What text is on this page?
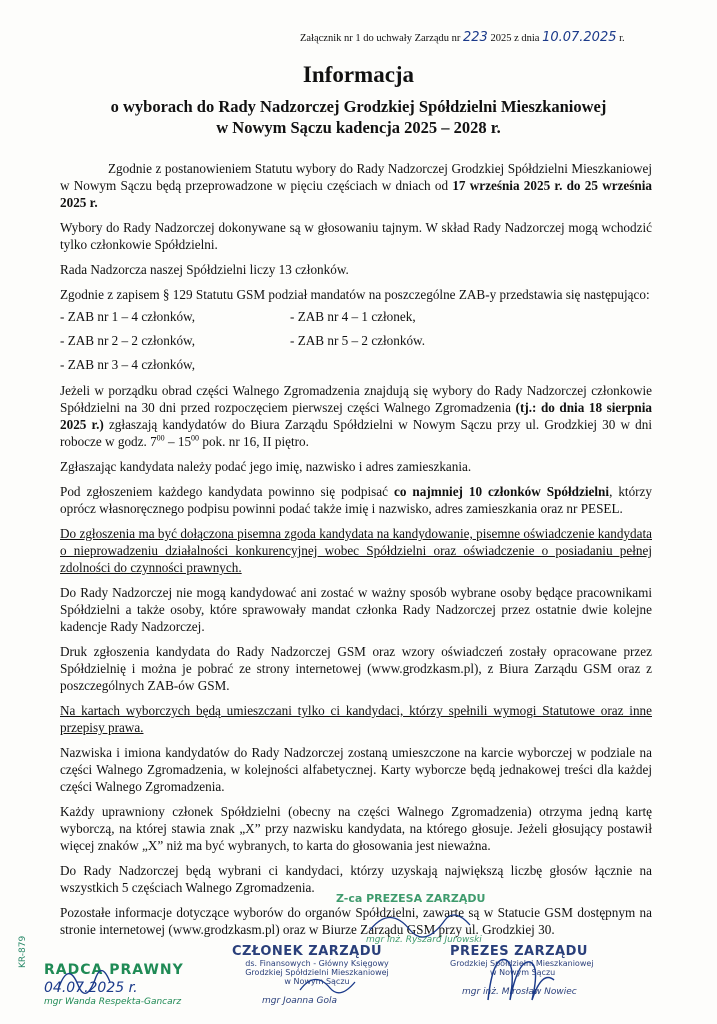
Załącznik nr 1 do uchwały Zarządu nr 223 2025 z dnia 10.07.2025 r.
Informacja
o wyborach do Rady Nadzorczej Grodzkiej Spółdzielni Mieszkaniowej
w Nowym Sączu kadencja 2025 – 2028 r.

Zgodnie z postanowieniem Statutu wybory do Rady Nadzorczej Grodzkiej Spółdzielni Mieszkaniowej w Nowym Sączu będą przeprowadzone w pięciu częściach w dniach od 17 września 2025 r. do 25 września 2025 r.

Wybory do Rady Nadzorczej dokonywane są w głosowaniu tajnym. W skład Rady Nadzorczej mogą wchodzić tylko członkowie Spółdzielni.

Rada Nadzorcza naszej Spółdzielni liczy 13 członków.

Zgodnie z zapisem § 129 Statutu GSM podział mandatów na poszczególne ZAB-y przedstawia się następująco:

- ZAB nr 1 – 4 członków,	- ZAB nr 4 – 1 członek,
- ZAB nr 2 – 2 członków,	- ZAB nr 5 – 2 członków.
- ZAB nr 3 – 4 członków,

Jeżeli w porządku obrad części Walnego Zgromadzenia znajdują się wybory do Rady Nadzorczej członkowie Spółdzielni na 30 dni przed rozpoczęciem pierwszej części Walnego Zgromadzenia (tj.: do dnia 18 sierpnia 2025 r.) zgłaszają kandydatów do Biura Zarządu Spółdzielni w Nowym Sączu przy ul. Grodzkiej 30 w dni robocze w godz. $7^{00} - 15^{00}$ pok. nr 16, II piętro.

Zgłaszając kandydata należy podać jego imię, nazwisko i adres zamieszkania.

Pod zgłoszeniem każdego kandydata powinno się podpisać co najmniej 10 członków Spółdzielni, którzy oprócz własnoręcznego podpisu powinni podać także imię i nazwisko, adres zamieszkania oraz nr PESEL.

Do zgłoszenia ma być dołączona pisemna zgoda kandydata na kandydowanie, pisemne oświadczenie kandydata o nieprowadzeniu działalności konkurencyjnej wobec Spółdzielni oraz oświadczenie o posiadaniu pełnej zdolności do czynności prawnych.

Do Rady Nadzorczej nie mogą kandydować ani zostać w ważny sposób wybrane osoby będące pracownikami Spółdzielni a także osoby, które sprawowały mandat członka Rady Nadzorczej przez ostatnie dwie kolejne kadencje Rady Nadzorczej.

Druk zgłoszenia kandydata do Rady Nadzorczej GSM oraz wzory oświadczeń zostały opracowane przez Spółdzielnię i można je pobrać ze strony internetowej (www.grodzkasm.pl), z Biura Zarządu GSM oraz z poszczególnych ZAB-ów GSM.

Na kartach wyborczych będą umieszczani tylko ci kandydaci, którzy spełnili wymogi Statutowe oraz inne przepisy prawa.

Nazwiska i imiona kandydatów do Rady Nadzorczej zostaną umieszczone na karcie wyborczej w podziale na części Walnego Zgromadzenia, w kolejności alfabetycznej. Karty wyborcze będą jednakowej treści dla każdej części Walnego Zgromadzenia.

Każdy uprawniony członek Spółdzielni (obecny na części Walnego Zgromadzenia) otrzyma jedną kartę wyborczą, na której stawia znak „X” przy nazwisku kandydata, na którego głosuje. Jeżeli głosujący postawił więcej znaków „X” niż ma być wybranych, to karta do głosowania jest nieważna.

Do Rady Nadzorczej będą wybrani ci kandydaci, którzy uzyskają największą liczbę głosów łącznie na wszystkich 5 częściach Walnego Zgromadzenia.

Pozostałe informacje dotyczące wyborów do organów Spółdzielni, zawarte są w Statucie GSM dostępnym na stronie internetowej (www.grodzkasm.pl) oraz w Biurze Zarządu GSM przy ul. Grodzkiej 30.

KR-879
RADCA PRAWNY
04.07.2025 r.
mgr Wanda Respekta-Gancarz
Z-ca PREZESA ZARZĄDU
mgr inż. Ryszard Jurowski
CZŁONEK ZARZĄDU
ds. Finansowych - Główny Księgowy
Grodzkiej Spółdzielni Mieszkaniowej
w Nowym Sączu
mgr Joanna Gola
PREZES ZARZĄDU
Grodzkiej Spółdzielni Mieszkaniowej
w Nowym Sączu
mgr inż. Mirosław Nowiec
